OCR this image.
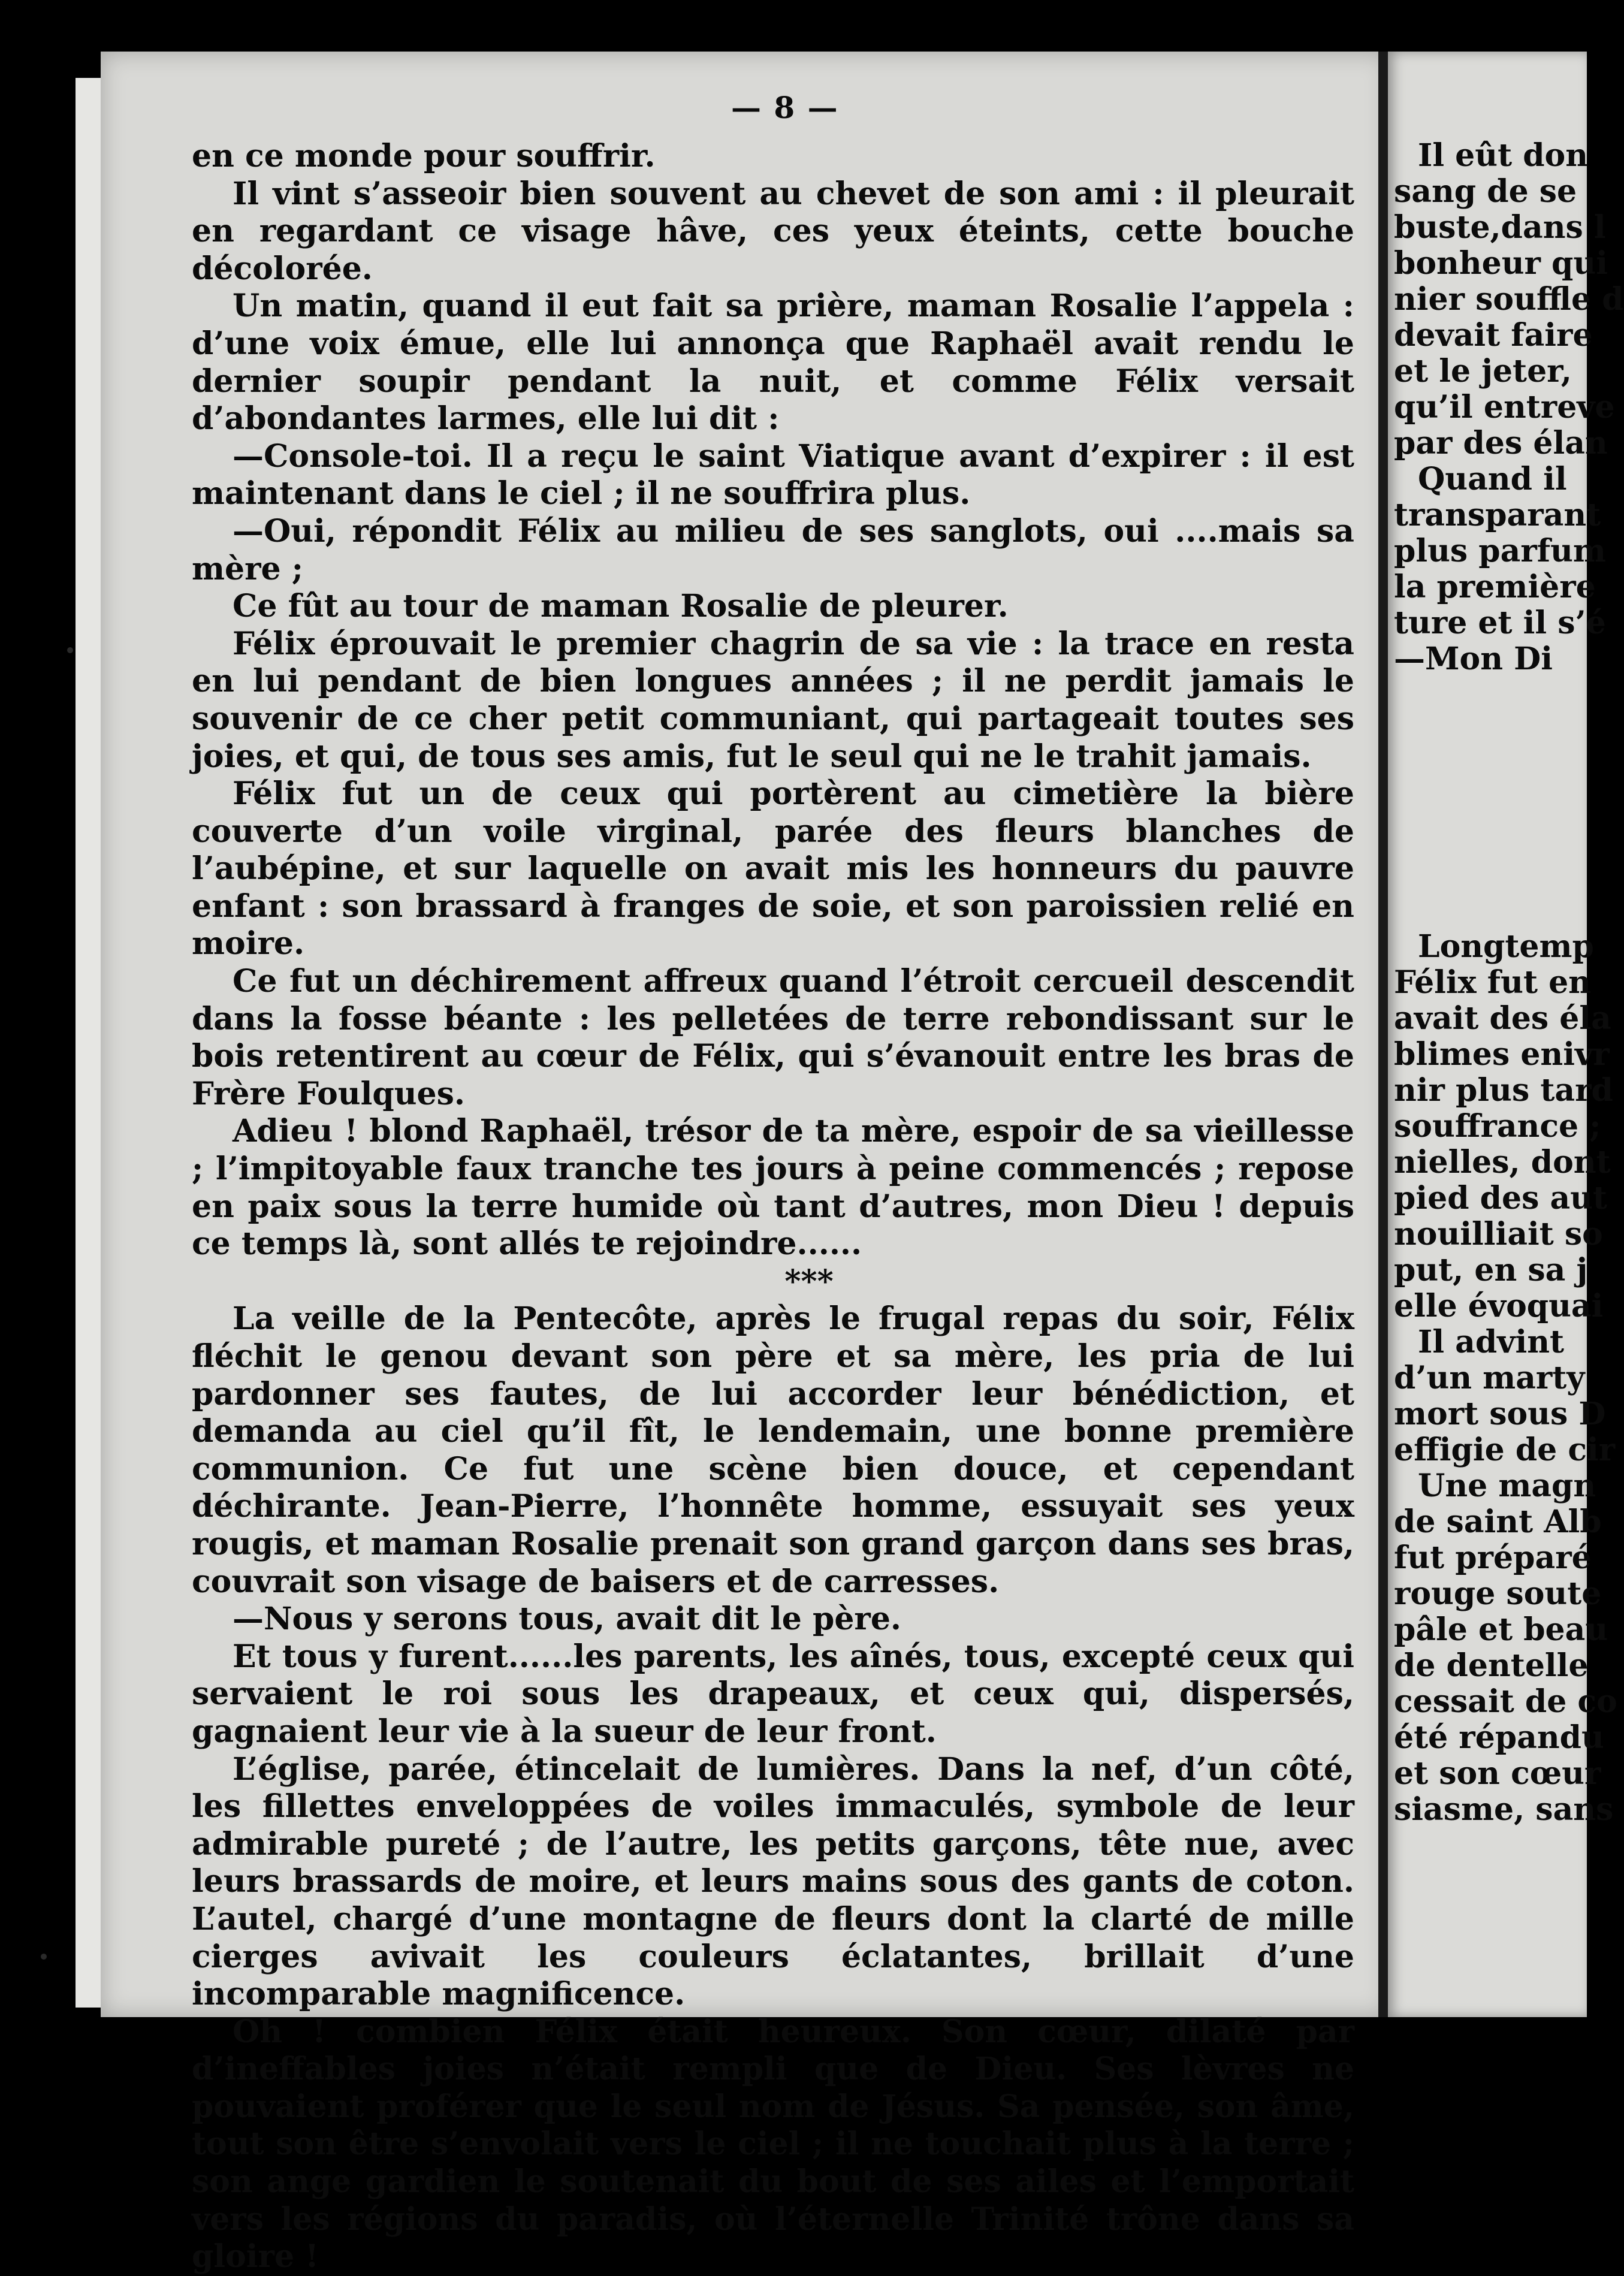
— 8 —

en ce monde pour souffrir.

Il vint s’asseoir bien souvent au chevet de son ami : il pleurait en regardant ce visage hâve, ces yeux éteints, cette bouche décolorée.

Un matin, quand il eut fait sa prière, maman Rosalie l’appela : d’une voix émue, elle lui annonça que Raphaël avait rendu le dernier soupir pendant la nuit, et comme Félix versait d’abondantes larmes, elle lui dit :

—Console-toi. Il a reçu le saint Viatique avant d’expirer : il est maintenant dans le ciel ; il ne souffrira plus.

—Oui, répondit Félix au milieu de ses sanglots, oui ....mais sa mère ;

Ce fût au tour de maman Rosalie de pleurer.

Félix éprouvait le premier chagrin de sa vie : la trace en resta en lui pendant de bien longues années ; il ne perdit jamais le souvenir de ce cher petit communiant, qui partageait toutes ses joies, et qui, de tous ses amis, fut le seul qui ne le trahit jamais.

Félix fut un de ceux qui portèrent au cimetière la bière couverte d’un voile virginal, parée des fleurs blanches de l’aubépine, et sur laquelle on avait mis les honneurs du pauvre enfant : son brassard à franges de soie, et son paroissien relié en moire.

Ce fut un déchirement affreux quand l’étroit cercueil descendit dans la fosse béante : les pelletées de terre rebondissant sur le bois retentirent au cœur de Félix, qui s’évanouit entre les bras de Frère Foulques.

Adieu ! blond Raphaël, trésor de ta mère, espoir de sa vieillesse ; l’impitoyable faux tranche tes jours à peine commencés ; repose en paix sous la terre humide où tant d’autres, mon Dieu ! depuis ce temps là, sont allés te rejoindre......

***

La veille de la Pentecôte, après le frugal repas du soir, Félix fléchit le genou devant son père et sa mère, les pria de lui pardonner ses fautes, de lui accorder leur bénédiction, et demanda au ciel qu’il fît, le lendemain, une bonne première communion. Ce fut une scène bien douce, et cependant déchirante. Jean-Pierre, l’honnête homme, essuyait ses yeux rougis, et maman Rosalie prenait son grand garçon dans ses bras, couvrait son visage de baisers et de carresses.

—Nous y serons tous, avait dit le père.

Et tous y furent......les parents, les aînés, tous, excepté ceux qui servaient le roi sous les drapeaux, et ceux qui, dispersés, gagnaient leur vie à la sueur de leur front.

L’église, parée, étincelait de lumières. Dans la nef, d’un côté, les fillettes enveloppées de voiles immaculés, symbole de leur admirable pureté ; de l’autre, les petits garçons, tête nue, avec leurs brassards de moire, et leurs mains sous des gants de coton. L’autel, chargé d’une montagne de fleurs dont la clarté de mille cierges avivait les couleurs éclatantes, brillait d’une incomparable magnificence.

Oh ! combien Félix était heureux. Son cœur, dilaté par d’ineffables joies n’était rempli que de Dieu. Ses lèvres ne pouvaient proférer que le seul nom de Jésus. Sa pensée, son âme, tout son être s’envolait vers le ciel ; il ne touchait plus à la terre ; son ange gardien le soutenait du bout de ses ailes et l’emportait vers les régions du paradis, où l’éternelle Trinité trône dans sa gloire !

Il eût don
sang de se
buste,dans l
bonheur qui
nier souffle d
devait faire
et le jeter,
qu’il entreve
par des élan
Quand il
transparant
plus parfum
la première
ture et il s’é
—Mon Di
Longtemp
Félix fut en
avait des éla
blimes enivr
nir plus tard
souffrance ;
nielles, dont
pied des aut
nouilliait so
put, en sa j
elle évoquai
Il advint
d’un marty
mort sous D
effigie de cir
Une magn
de saint Alb
fut préparé
rouge soute
pâle et beau
de dentelle
cessait de co
été répandu
et son cœur
siasme, sans
